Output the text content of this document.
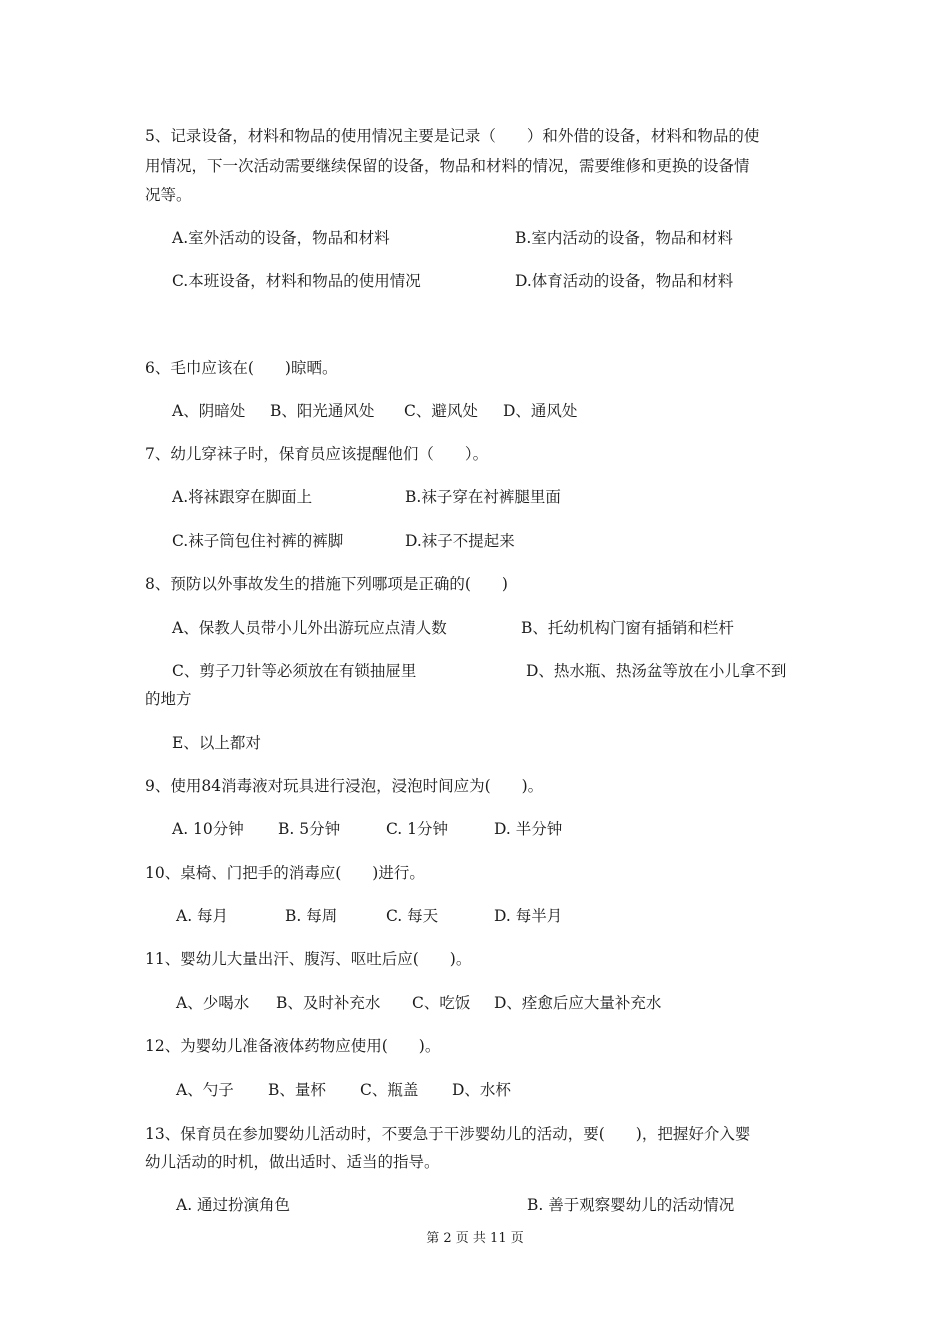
5、记录设备，材料和物品的使用情况主要是记录（　　）和外借的设备，材料和物品的使
用情况，下一次活动需要继续保留的设备，物品和材料的情况，需要维修和更换的设备情
况等。
A.室外活动的设备，物品和材料	B.室内活动的设备，物品和材料
C.本班设备，材料和物品的使用情况	D.体育活动的设备，物品和材料
6、毛巾应该在(　　)晾晒。
A、阴暗处 B、阳光通风处 C、避风处 D、通风处
7、幼儿穿袜子时，保育员应该提醒他们（　　）。
A.将袜跟穿在脚面上	B.袜子穿在衬裤腿里面
C.袜子筒包住衬裤的裤脚	D.袜子不提起来
8、预防以外事故发生的措施下列哪项是正确的(　　)
A、保教人员带小儿外出游玩应点清人数	B、托幼机构门窗有插销和栏杆
C、剪子刀针等必须放在有锁抽屉里	D、热水瓶、热汤盆等放在小儿拿不到
的地方
E、以上都对
9、使用84消毒液对玩具进行浸泡，浸泡时间应为(　　)。
A. 10分钟 B. 5分钟	C. 1分钟	D. 半分钟
10、桌椅、门把手的消毒应(　　)进行。
A. 每月	B. 每周	C. 每天	D. 每半月
11、婴幼儿大量出汗、腹泻、呕吐后应(　　)。
A、少喝水 B、及时补充水 C、吃饭 D、痊愈后应大量补充水
12、为婴幼儿准备液体药物应使用(　　)。
A、勺子 B、量杯 C、瓶盖 D、水杯
13、保育员在参加婴幼儿活动时，不要急于干涉婴幼儿的活动，要(　　)，把握好介入婴
幼儿活动的时机，做出适时、适当的指导。
A. 通过扮演角色	B. 善于观察婴幼儿的活动情况
第 2 页 共 11 页
